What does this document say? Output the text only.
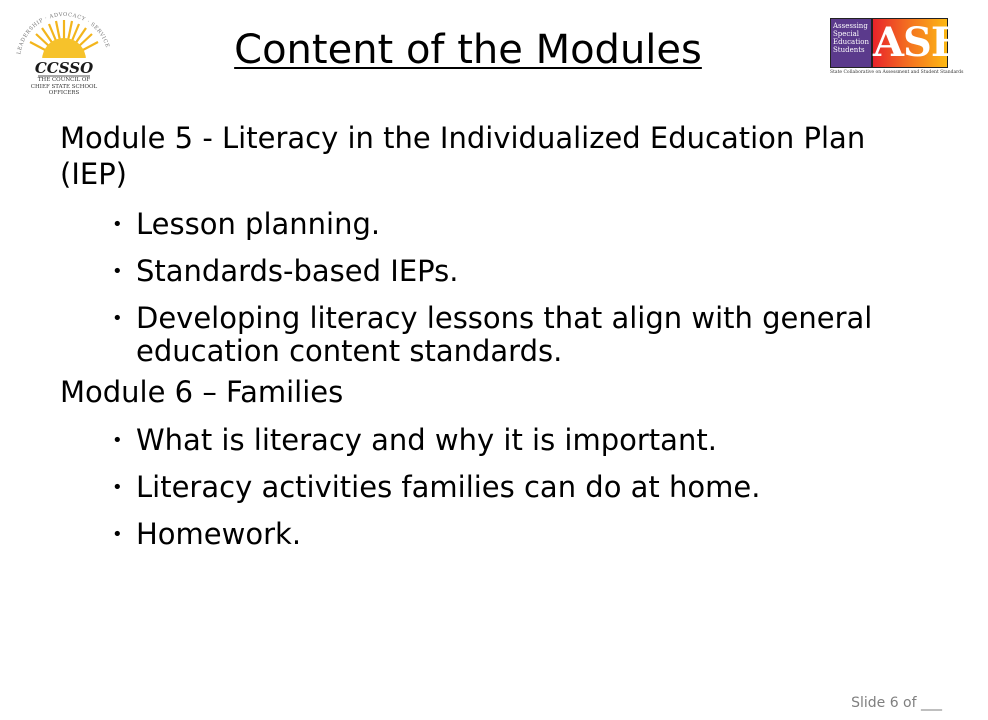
LEADERSHIP · ADVOCACY · SERVICE
CCSSO
THE COUNCIL OF CHIEF STATE SCHOOL OFFICERS
Content of the Modules
Assessing
Special
Education
Students ASES
State Collaborative on Assessment and Student Standards

Module 5 - Literacy in the Individualized Education Plan (IEP)

• Lesson planning.
• Standards-based IEPs.
• Developing literacy lessons that align with general education content standards.

Module 6 – Families

• What is literacy and why it is important.
• Literacy activities families can do at home.
• Homework.
Slide 6 of ___
